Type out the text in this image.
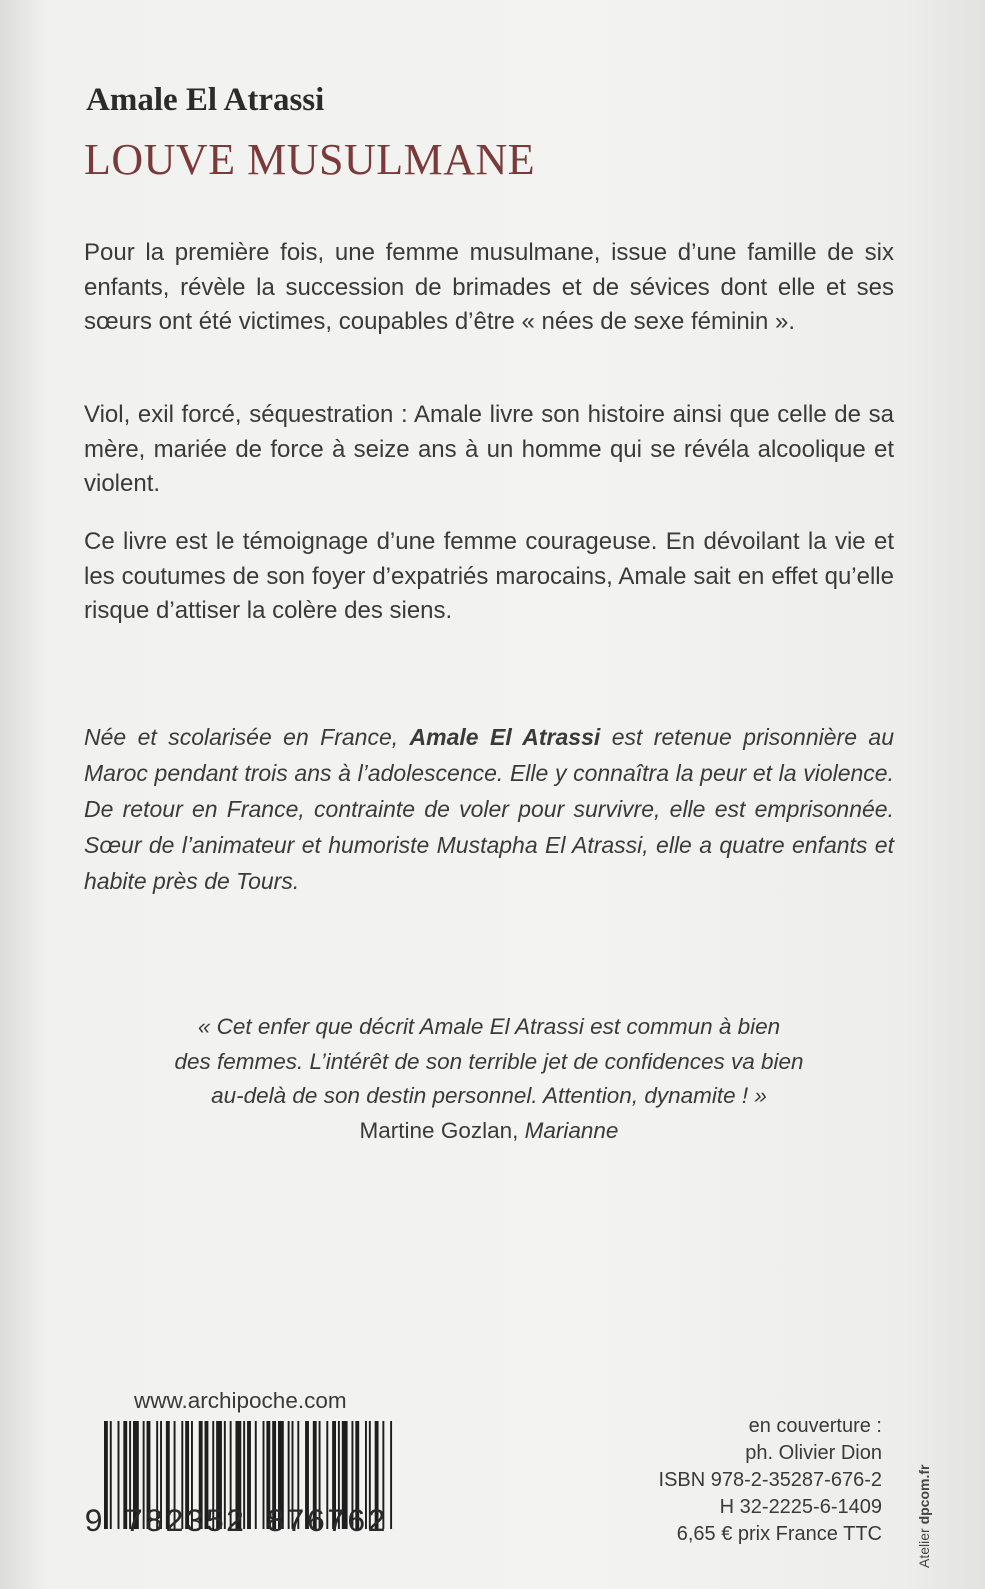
Amale El Atrassi
LOUVE MUSULMANE

Pour la première fois, une femme musulmane, issue d’une famille de six enfants, révèle la succession de brimades et de sévices dont elle et ses sœurs ont été victimes, coupables d’être « nées de sexe féminin ».

Viol, exil forcé, séquestration : Amale livre son histoire ainsi que celle de sa mère, mariée de force à seize ans à un homme qui se révéla alcoolique et violent.

Ce livre est le témoignage d’une femme courageuse. En dévoilant la vie et les coutumes de son foyer d’expatriés marocains, Amale sait en effet qu’elle risque d’attiser la colère des siens.

Née et scolarisée en France, Amale El Atrassi est retenue prisonnière au Maroc pendant trois ans à l’adolescence. Elle y connaîtra la peur et la violence. De retour en France, contrainte de voler pour survivre, elle est emprisonnée. Sœur de l’animateur et humoriste Mustapha El Atrassi, elle a quatre enfants et habite près de Tours.

« Cet enfer que décrit Amale El Atrassi est commun à bien
des femmes. L’intérêt de son terrible jet de confidences va bien
au-delà de son destin personnel. Attention, dynamite ! »
Martine Gozlan, Marianne
www.archipoche.com
9 782352 876762
en couverture :
ph. Olivier Dion
ISBN 978-2-35287-676-2
H 32-2225-6-1409
6,65 € prix France TTC Atelier dpcom.fr
